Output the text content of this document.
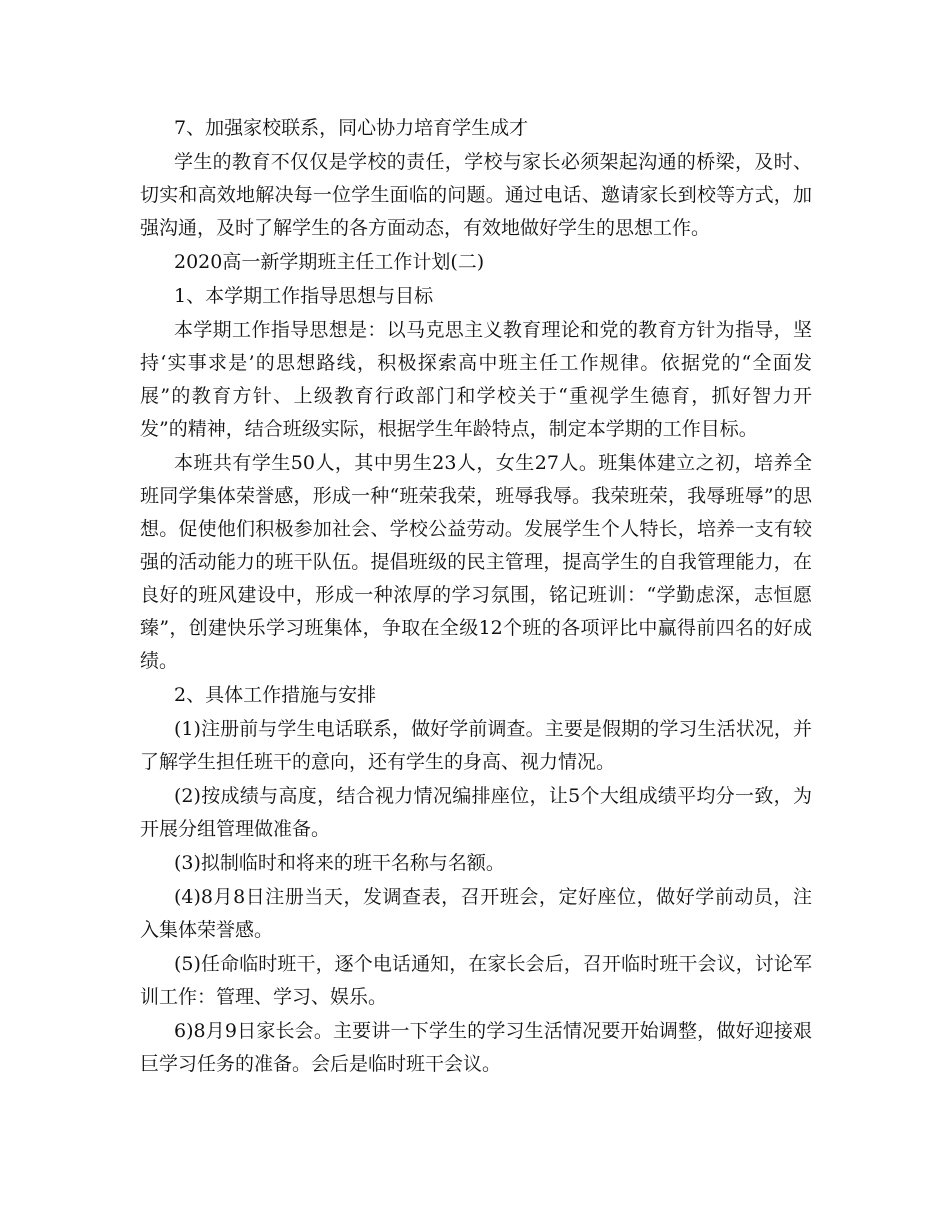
7、加强家校联系，同心协力培育学生成才

学生的教育不仅仅是学校的责任，学校与家长必须架起沟通的桥梁，及时、切实和高效地解决每一位学生面临的问题。通过电话、邀请家长到校等方式，加强沟通，及时了解学生的各方面动态，有效地做好学生的思想工作。

2020高一新学期班主任工作计划(二)

1、本学期工作指导思想与目标

本学期工作指导思想是：以马克思主义教育理论和党的教育方针为指导，坚持‘实事求是’的思想路线，积极探索高中班主任工作规律。依据党的“全面发展”的教育方针、上级教育行政部门和学校关于“重视学生德育，抓好智力开发”的精神，结合班级实际，根据学生年龄特点，制定本学期的工作目标。

本班共有学生50人，其中男生23人，女生27人。班集体建立之初，培养全班同学集体荣誉感，形成一种“班荣我荣，班辱我辱。我荣班荣，我辱班辱”的思想。促使他们积极参加社会、学校公益劳动。发展学生个人特长，培养一支有较强的活动能力的班干队伍。提倡班级的民主管理，提高学生的自我管理能力，在良好的班风建设中，形成一种浓厚的学习氛围，铭记班训：“学勤虑深，志恒愿臻”，创建快乐学习班集体，争取在全级12个班的各项评比中赢得前四名的好成绩。

2、具体工作措施与安排

(1)注册前与学生电话联系，做好学前调查。主要是假期的学习生活状况，并了解学生担任班干的意向，还有学生的身高、视力情况。

(2)按成绩与高度，结合视力情况编排座位，让5个大组成绩平均分一致，为开展分组管理做准备。

(3)拟制临时和将来的班干名称与名额。

(4)8月8日注册当天，发调查表，召开班会，定好座位，做好学前动员，注入集体荣誉感。

(5)任命临时班干，逐个电话通知，在家长会后，召开临时班干会议，讨论军训工作：管理、学习、娱乐。

6)8月9日家长会。主要讲一下学生的学习生活情况要开始调整，做好迎接艰巨学习任务的准备。会后是临时班干会议。
